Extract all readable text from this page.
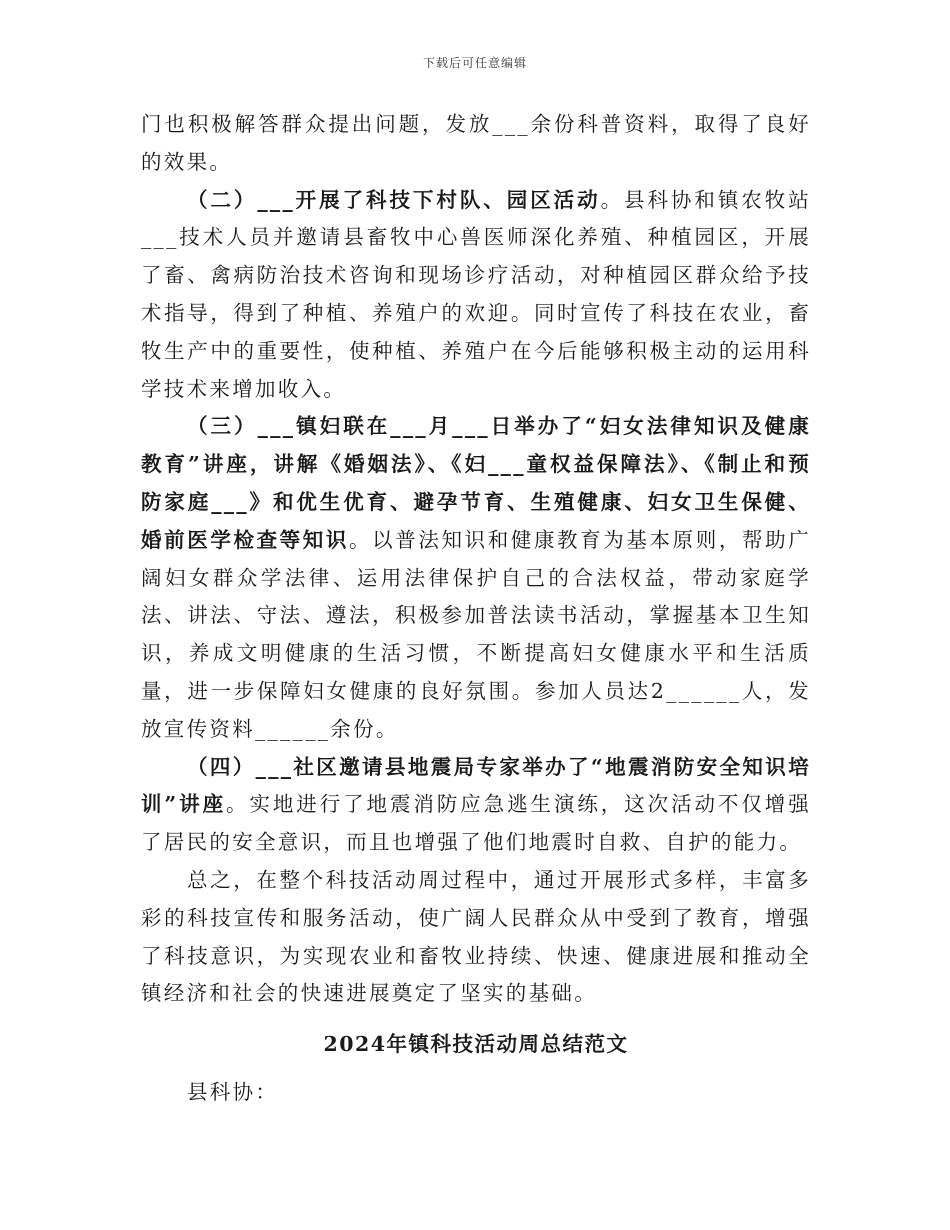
下载后可任意编辑

门也积极解答群众提出问题，发放___余份科普资料，取得了良好的效果。

（二）___开展了科技下村队、园区活动。县科协和镇农牧站___技术人员并邀请县畜牧中心兽医师深化养殖、种植园区，开展了畜、禽病防治技术咨询和现场诊疗活动，对种植园区群众给予技术指导，得到了种植、养殖户的欢迎。同时宣传了科技在农业，畜牧生产中的重要性，使种植、养殖户在今后能够积极主动的运用科学技术来增加收入。

（三）___镇妇联在___月___日举办了“妇女法律知识及健康教育”讲座，讲解《婚姻法》、《妇___童权益保障法》、《制止和预防家庭___》和优生优育、避孕节育、生殖健康、妇女卫生保健、婚前医学检查等知识。以普法知识和健康教育为基本原则，帮助广阔妇女群众学法律、运用法律保护自己的合法权益，带动家庭学法、讲法、守法、遵法，积极参加普法读书活动，掌握基本卫生知识，养成文明健康的生活习惯，不断提高妇女健康水平和生活质量，进一步保障妇女健康的良好氛围。参加人员达2______人，发放宣传资料______余份。

（四）___社区邀请县地震局专家举办了“地震消防安全知识培训”讲座。实地进行了地震消防应急逃生演练，这次活动不仅增强了居民的安全意识，而且也增强了他们地震时自救、自护的能力。

总之，在整个科技活动周过程中，通过开展形式多样，丰富多彩的科技宣传和服务活动，使广阔人民群众从中受到了教育，增强了科技意识，为实现农业和畜牧业持续、快速、健康进展和推动全镇经济和社会的快速进展奠定了坚实的基础。

2024年镇科技活动周总结范文

县科协：
